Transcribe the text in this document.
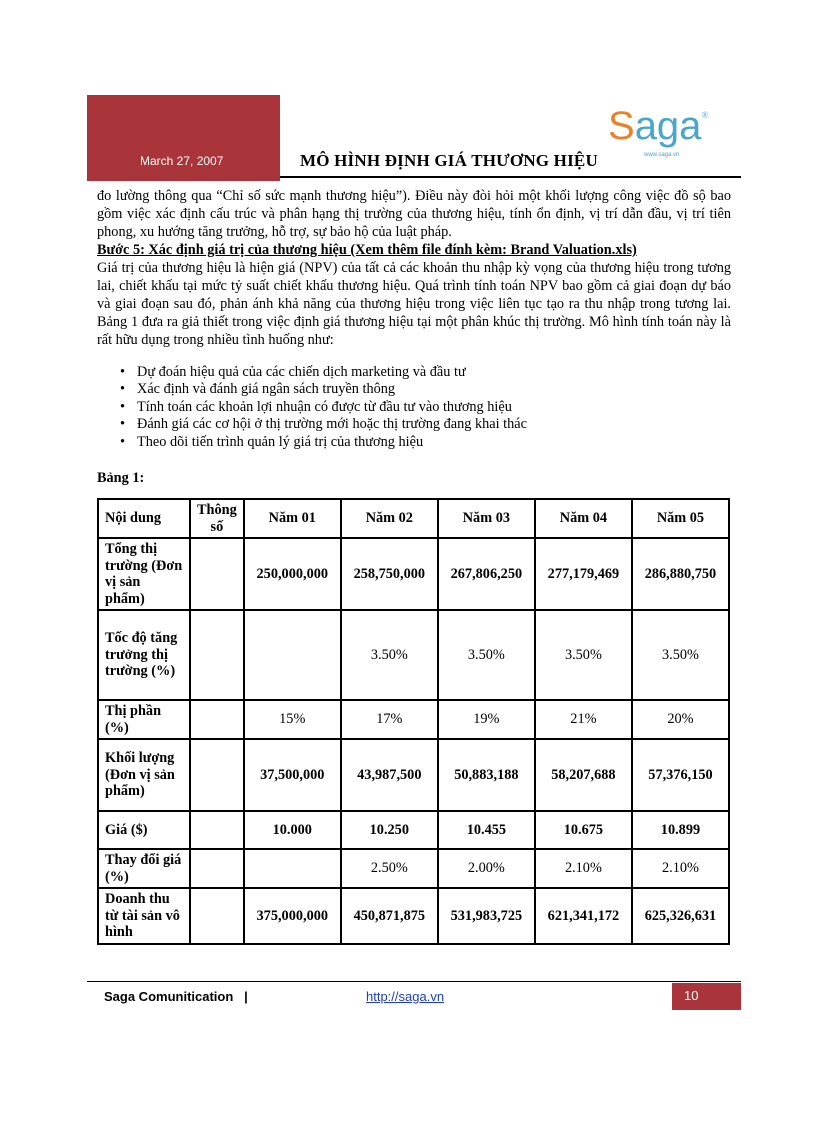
March 27, 2007	MÔ HÌNH ĐỊNH GIÁ THƯƠNG HIỆU
Saga®
www.saga.vn

đo lường thông qua “Chỉ số sức mạnh thương hiệu”). Điều này đòi hỏi một khối lượng công việc đồ sộ bao gồm việc xác định cấu trúc và phân hạng thị trường của thương hiệu, tính ổn định, vị trí dẫn đầu, vị trí tiên phong, xu hướng tăng trưởng, hỗ trợ, sự bảo hộ của luật pháp.

Bước 5: Xác định giá trị của thương hiệu (Xem thêm file đính kèm: Brand Valuation.xls)

Giá trị của thương hiệu là hiện giá (NPV) của tất cả các khoản thu nhập kỳ vọng của thương hiệu trong tương lai, chiết khấu tại mức tỷ suất chiết khấu thương hiệu. Quá trình tính toán NPV bao gồm cả giai đoạn dự báo và giai đoạn sau đó, phản ánh khả năng của thương hiệu trong việc liên tục tạo ra thu nhập trong tương lai. Bảng 1 đưa ra giả thiết trong việc định giá thương hiệu tại một phân khúc thị trường. Mô hình tính toán này là rất hữu dụng trong nhiều tình huống như:

• Dự đoán hiệu quả của các chiến dịch marketing và đầu tư
• Xác định và đánh giá ngân sách truyền thông
• Tính toán các khoản lợi nhuận có được từ đầu tư vào thương hiệu
• Đánh giá các cơ hội ở thị trường mới hoặc thị trường đang khai thác
• Theo dõi tiến trình quản lý giá trị của thương hiệu
Bảng 1:
Nội dung	Thông số	Năm 01	Năm 02	Năm 03	Năm 04	Năm 05
Tổng thị trường (Đơn vị sản phẩm)		250,000,000	258,750,000	267,806,250	277,179,469	286,880,750
Tốc độ tăng trưởng thị trường (%)			3.50%	3.50%	3.50%	3.50%
Thị phần (%)		15%	17%	19%	21%	20%
Khối lượng (Đơn vị sản phẩm)		37,500,000	43,987,500	50,883,188	58,207,688	57,376,150
Giá ($)		10.000	10.250	10.455	10.675	10.899
Thay đổi giá (%)			2.50%	2.00%	2.10%	2.10%
Doanh thu từ tài sản vô hình		375,000,000	450,871,875	531,983,725	621,341,172	625,326,631
Saga Comunitication |	http://saga.vn	10
